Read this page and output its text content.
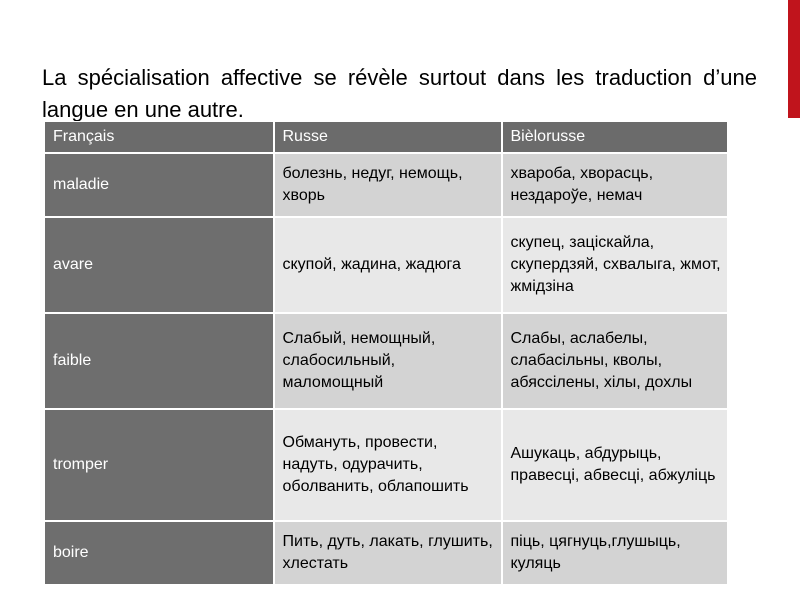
La spécialisation affective se révèle surtout dans les traduction d’une langue en une autre.

Français	Russe	Bièlorusse
maladie	болезнь, недуг, немощь, хворь	хвароба, хворасць, нездароўе, немач
avare	скупой, жадина, жадюга	скупец, зацiскайла, скупердзяй, схвалыга, жмот, жмiдзiна
faible	Слабый, немощный, слабосильный, маломощный	Слабы, аслабелы, слабасiльны, кволы, абяссiлены, хiлы, дохлы
tromper	Обмануть, провести, надуть, одурачить, оболванить, облапошить	Ашукаць, абдурыць, правесцi, абвесцi, абжулiць
boire	Пить, дуть, лакать, глушить, хлестать	пiць, цягнуць,глушыць, куляць
